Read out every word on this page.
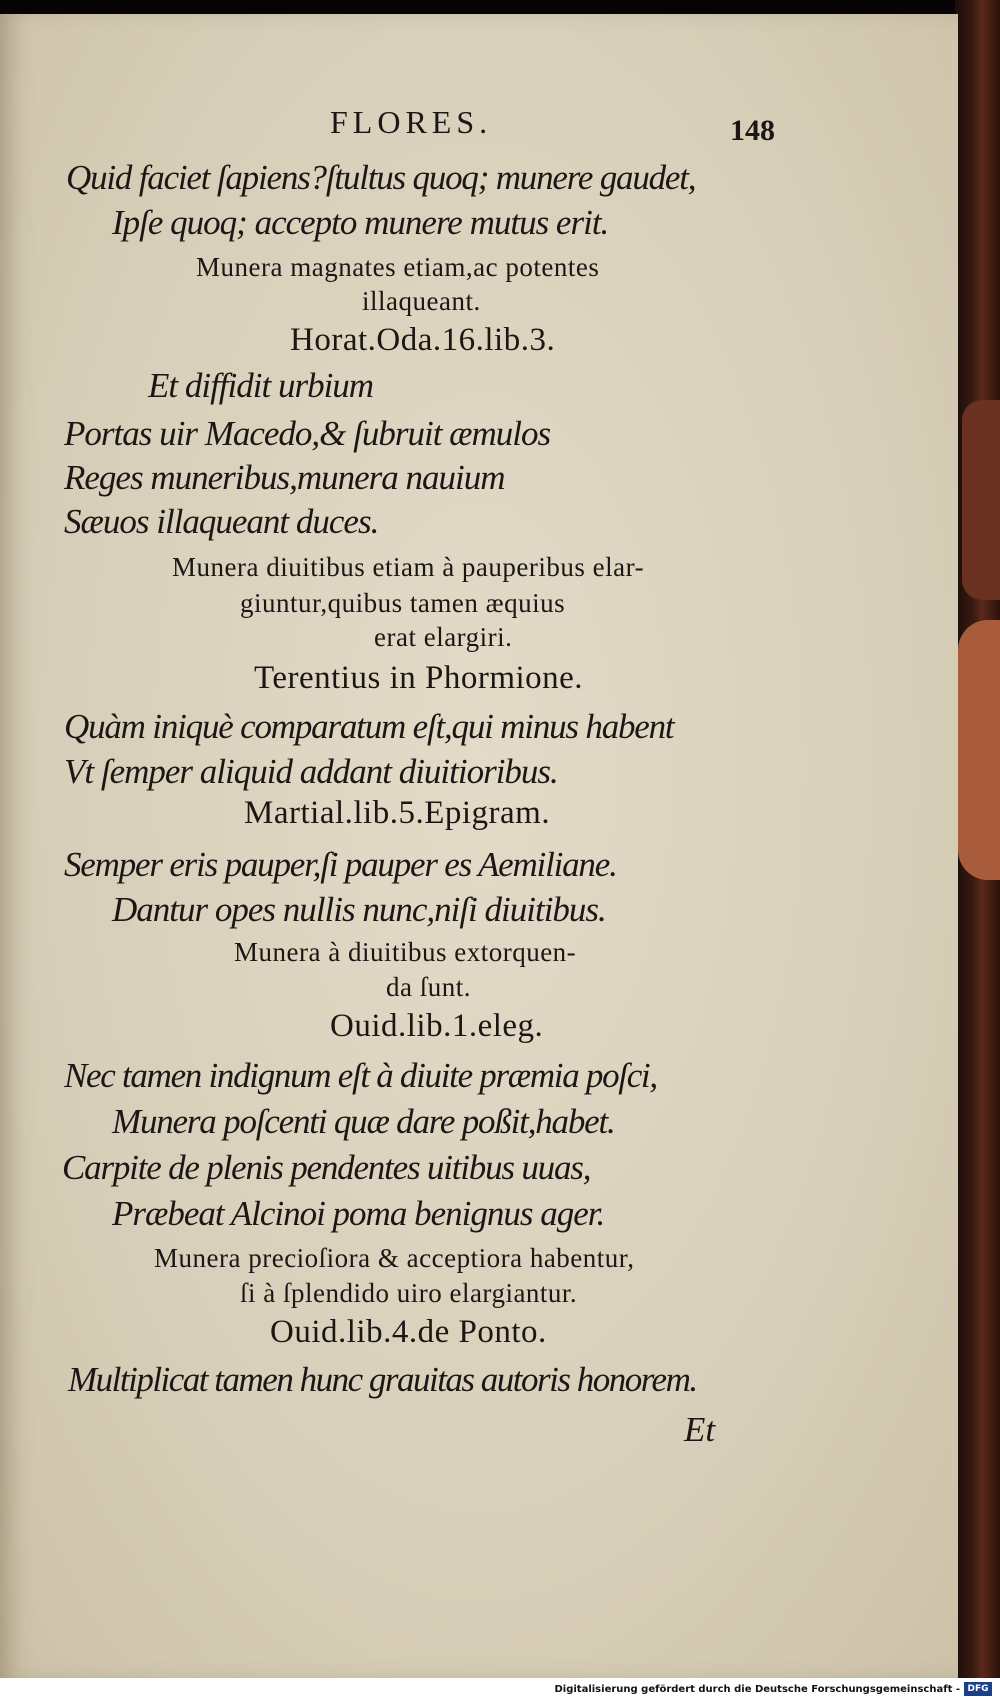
FLORES.	148
Quid faciet ſapiens?ſtultus quoq; munere gaudet,
Ipſe quoq; accepto munere mutus erit.
Munera magnates etiam,ac potentes
illaqueant.
Horat.Oda.16.lib.3.
Et diffidit urbium
Portas uir Macedo,& ſubruit æmulos
Reges muneribus,munera nauium
Sæuos illaqueant duces.
Munera diuitibus etiam à pauperibus elar-
giuntur,quibus tamen æquius
erat elargiri.
Terentius in Phormione.
Quàm iniquè comparatum eſt,qui minus habent
Vt ſemper aliquid addant diuitioribus.
Martial.lib.5.Epigram.
Semper eris pauper,ſi pauper es Aemiliane.
Dantur opes nullis nunc,niſi diuitibus.
Munera à diuitibus extorquen-
da ſunt.
Ouid.lib.1.eleg.
Nec tamen indignum eſt à diuite præmia poſci,
Munera poſcenti quæ dare poßit,habet.
Carpite de plenis pendentes uitibus uuas,
Præbeat Alcinoi poma benignus ager.
Munera precioſiora & acceptiora habentur,
ſi à ſplendido uiro elargiantur.
Ouid.lib.4.de Ponto.
Multiplicat tamen hunc grauitas autoris honorem.
Et
Digitalisierung gefördert durch die Deutsche Forschungsgemeinschaft - DFG
